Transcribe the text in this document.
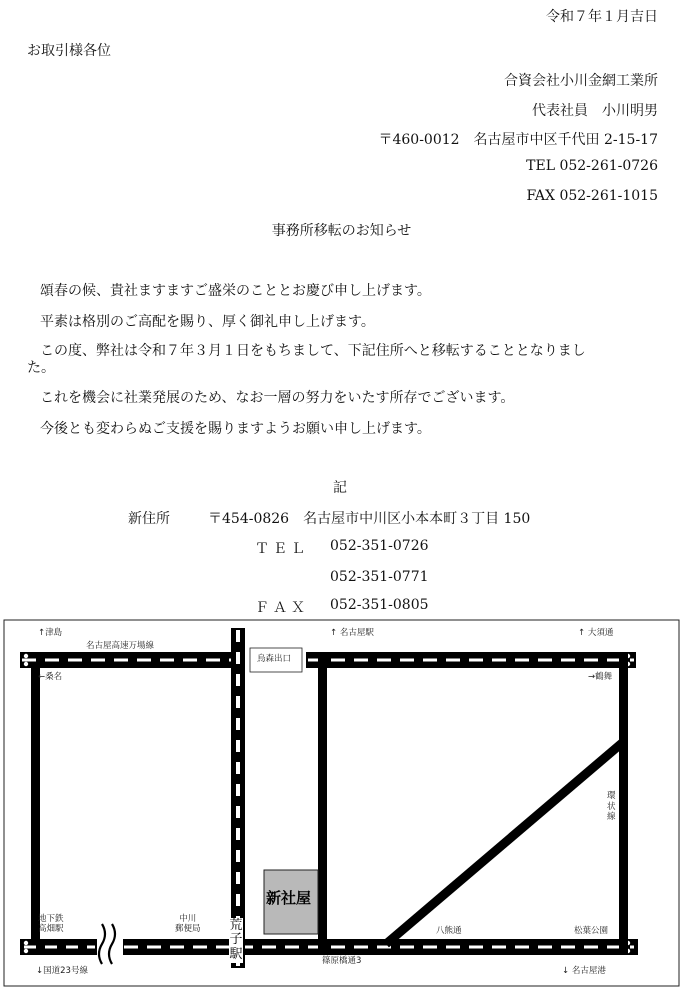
令和７年１月吉日
お取引様各位
合資会社小川金網工業所
代表社員　小川明男
〒460-0012　名古屋市中区千代田 2-15-17
TEL 052-261-0726
FAX 052-261-1015
事務所移転のお知らせ
頌春の候、貴社ますますご盛栄のこととお慶び申し上げます。
平素は格別のご高配を賜り、厚く御礼申し上げます。
この度、弊社は令和７年３月１日をもちまして、下記住所へと移転することとなりまし
た。
これを機会に社業発展のため、なお一層の努力をいたす所存でございます。
今後とも変わらぬご支援を賜りますようお願い申し上げます。
記
新住所	〒454-0826　名古屋市中川区小本本町３丁目 150
ＴＥＬ 052-351-0726
052-351-0771
ＦＡＸ 052-351-0805
↑津島
名古屋高速万場線
↑ 名古屋駅	↑ 大須通
烏森出口
←桑名	→鶴舞
環状線
新社屋
地下鉄
高畑駅
中川
郵便局 荒子駅
八熊通	松葉公園
↓国道23号線
篠原橋通3
↓ 名古屋港
